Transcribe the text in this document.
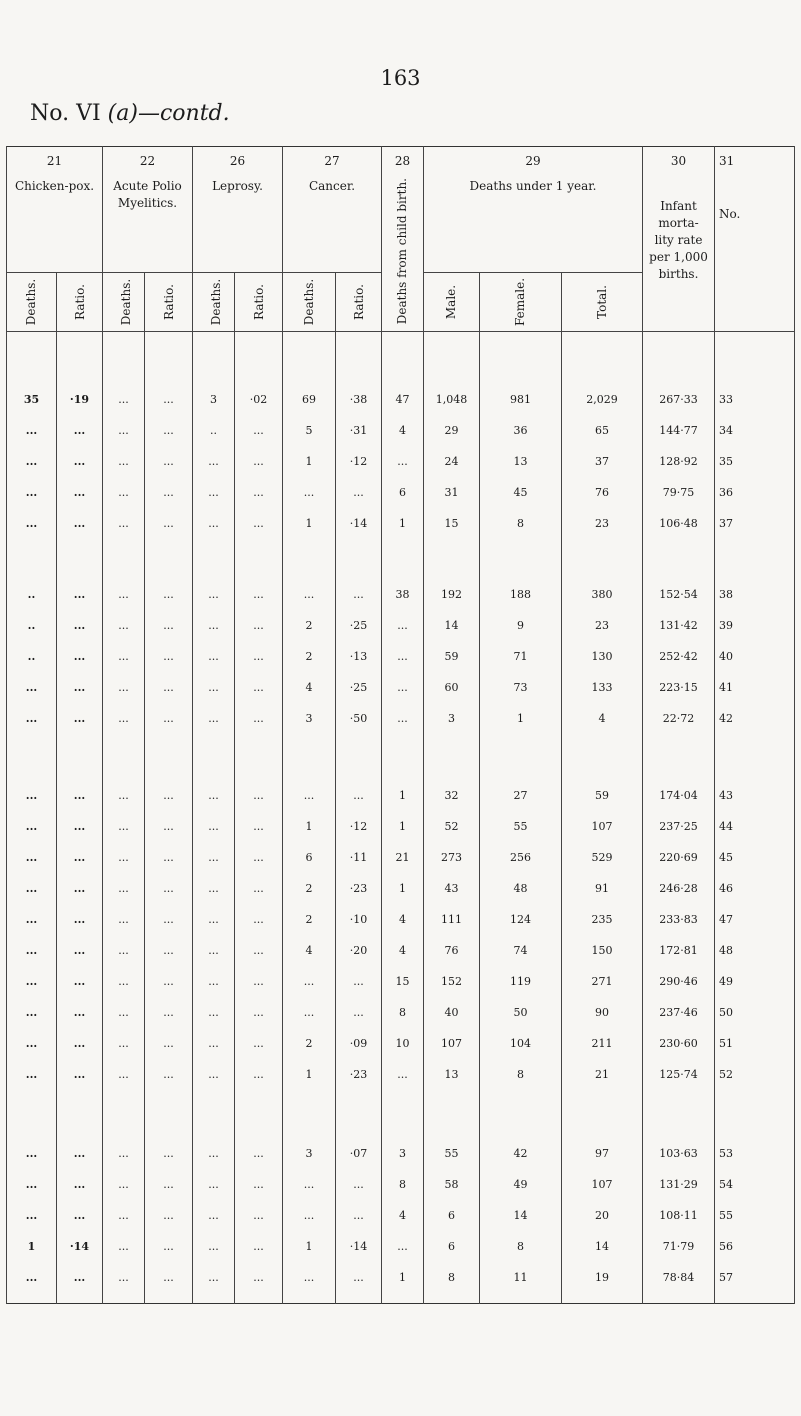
163
No. VI (a)—contd.
21
Chicken-pox.		22
Acute Polio Myelitics.		26
Leprosy.		27
Cancer.		28
Deaths from child birth.	29
Deaths under 1 year.			30
Infant morta- lity rate per 1,000 births.	31
No.

Deaths.	Ratio.	Deaths.	Ratio.	Deaths.	Ratio.	Deaths.	Ratio.		Male.	Female.	Total.		

35	·19	...	...	3	·02	69	·38	47	1,048	981	2,029	267·33	33
...	...	...	...	..	...	5	·31	4	29	36	65	144·77	34
...	...	...	...	...	...	1	·12	...	24	13	37	128·92	35
...	...	...	...	...	...	...	...	6	31	45	76	79·75	36
...	...	...	...	...	...	1	·14	1	15	8	23	106·48	37

..	...	...	...	...	...	...	...	38	192	188	380	152·54	38
..	...	...	...	...	...	2	·25	...	14	9	23	131·42	39
..	...	...	...	...	...	2	·13	...	59	71	130	252·42	40
...	...	...	...	...	...	4	·25	...	60	73	133	223·15	41
...	...	...	...	...	...	3	·50	...	3	1	4	22·72	42

...	...	...	...	...	...	...	...	1	32	27	59	174·04	43
...	...	...	...	...	...	1	·12	1	52	55	107	237·25	44
...	...	...	...	...	...	6	·11	21	273	256	529	220·69	45
...	...	...	...	...	...	2	·23	1	43	48	91	246·28	46
...	...	...	...	...	...	2	·10	4	111	124	235	233·83	47
...	...	...	...	...	...	4	·20	4	76	74	150	172·81	48
...	...	...	...	...	...	...	...	15	152	119	271	290·46	49
...	...	...	...	...	...	...	...	8	40	50	90	237·46	50
...	...	...	...	...	...	2	·09	10	107	104	211	230·60	51
...	...	...	...	...	...	1	·23	...	13	8	21	125·74	52

...	...	...	...	...	...	3	·07	3	55	42	97	103·63	53
...	...	...	...	...	...	...	...	8	58	49	107	131·29	54
...	...	...	...	...	...	...	...	4	6	14	20	108·11	55
1	·14	...	...	...	...	1	·14	...	6	8	14	71·79	56
...	...	...	...	...	...	...	...	1	8	11	19	78·84	57
